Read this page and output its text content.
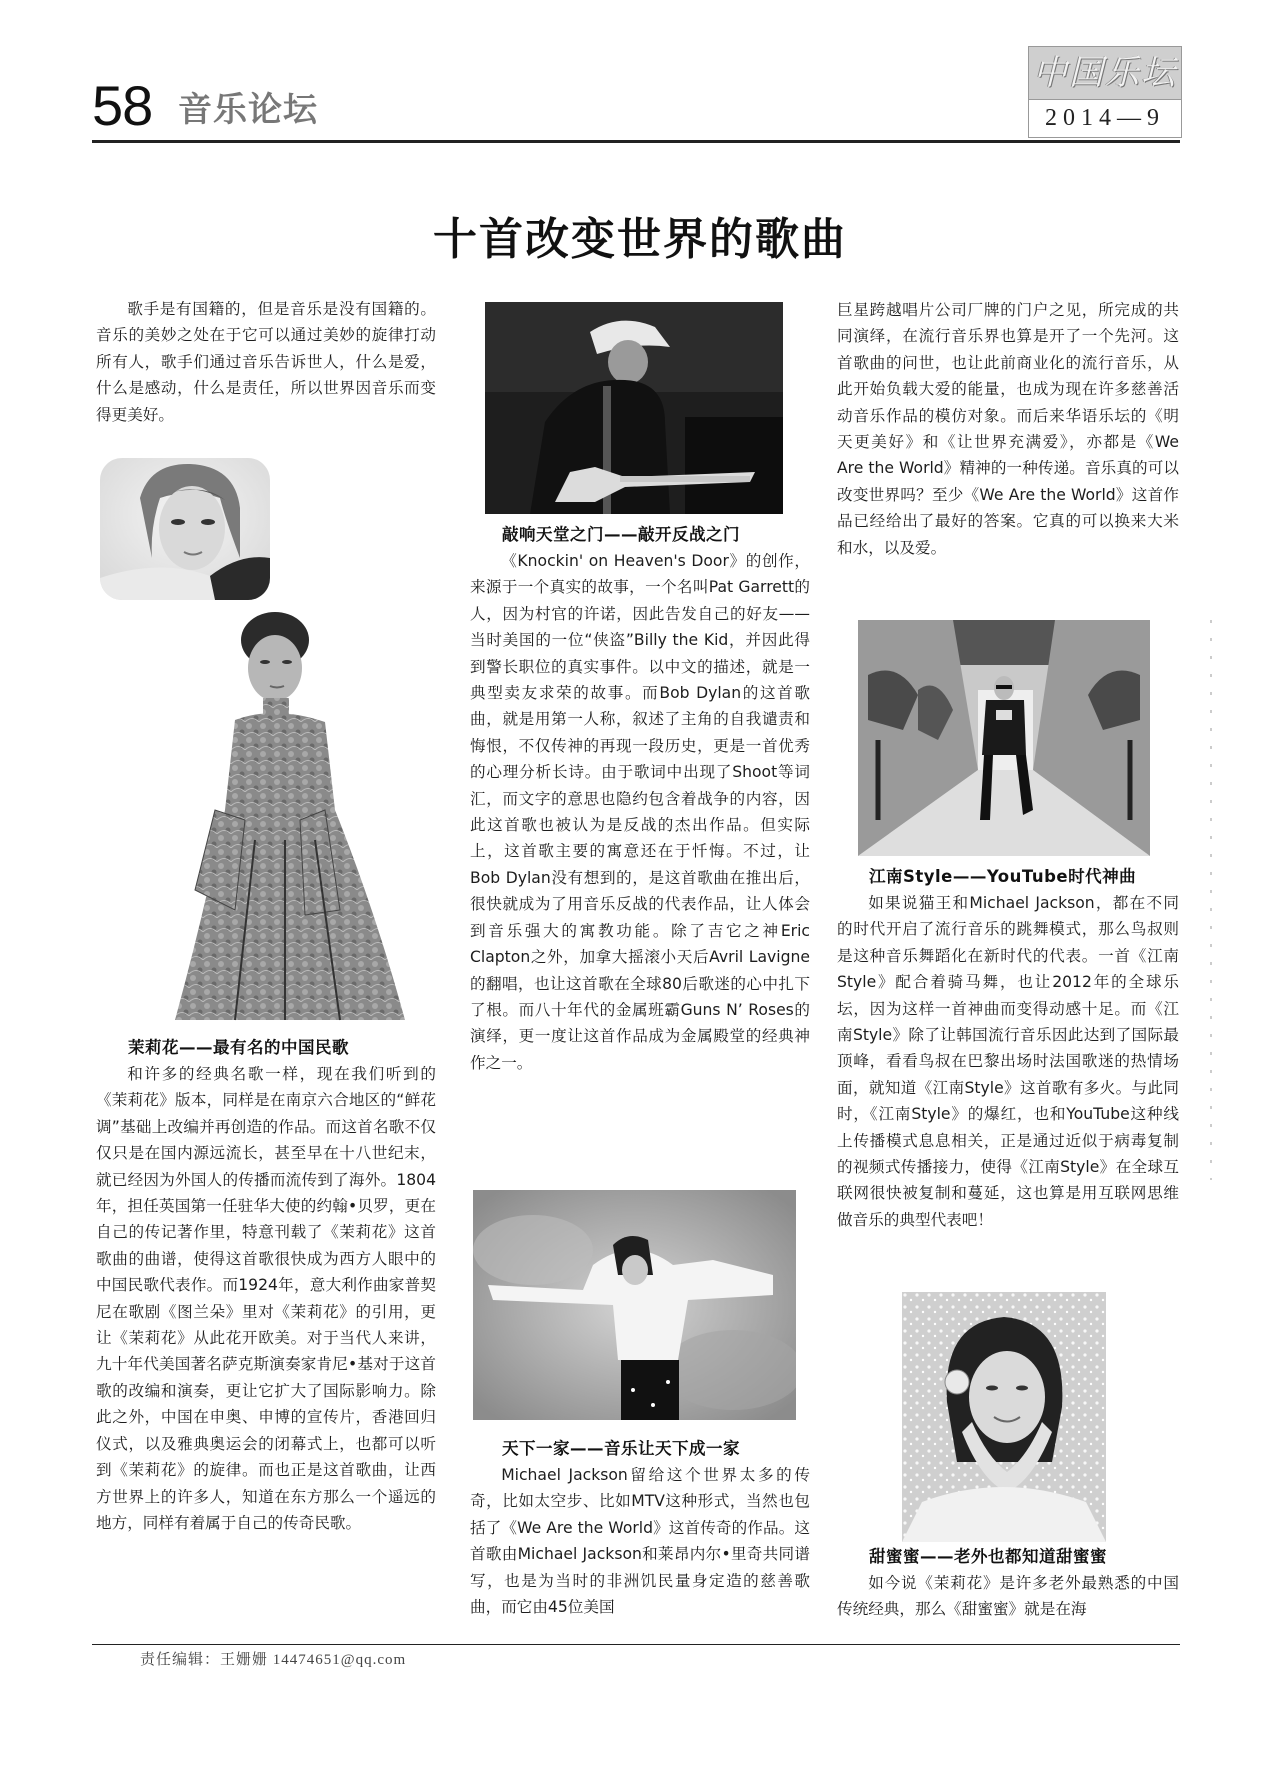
58 音乐论坛
中国乐坛
2014—9
十首改变世界的歌曲

歌手是有国籍的，但是音乐是没有国籍的。音乐的美妙之处在于它可以通过美妙的旋律打动所有人，歌手们通过音乐告诉世人，什么是爱，什么是感动，什么是责任，所以世界因音乐而变得更美好。

茉莉花——最有名的中国民歌

和许多的经典名歌一样，现在我们听到的《茉莉花》版本，同样是在南京六合地区的“鲜花调”基础上改编并再创造的作品。而这首名歌不仅仅只是在国内源远流长，甚至早在十八世纪末，就已经因为外国人的传播而流传到了海外。1804年，担任英国第一任驻华大使的约翰•贝罗，更在自己的传记著作里，特意刊载了《茉莉花》这首歌曲的曲谱，使得这首歌很快成为西方人眼中的中国民歌代表作。而1924年，意大利作曲家普契尼在歌剧《图兰朵》里对《茉莉花》的引用，更让《茉莉花》从此花开欧美。对于当代人来讲，九十年代美国著名萨克斯演奏家肯尼•基对于这首歌的改编和演奏，更让它扩大了国际影响力。除此之外，中国在申奥、申博的宣传片，香港回归仪式，以及雅典奥运会的闭幕式上，也都可以听到《茉莉花》的旋律。而也正是这首歌曲，让西方世界上的许多人，知道在东方那么一个遥远的地方，同样有着属于自己的传奇民歌。

敲响天堂之门——敲开反战之门

《Knockin' on Heaven's Door》的创作，来源于一个真实的故事，一个名叫Pat Garrett的人，因为村官的许诺，因此告发自己的好友——当时美国的一位“侠盗”Billy the Kid，并因此得到警长职位的真实事件。以中文的描述，就是一典型卖友求荣的故事。而Bob Dylan的这首歌曲，就是用第一人称，叙述了主角的自我谴责和悔恨，不仅传神的再现一段历史，更是一首优秀的心理分析长诗。由于歌词中出现了Shoot等词汇，而文字的意思也隐约包含着战争的内容，因此这首歌也被认为是反战的杰出作品。但实际上，这首歌主要的寓意还在于忏悔。不过，让Bob Dylan没有想到的，是这首歌曲在推出后，很快就成为了用音乐反战的代表作品，让人体会到音乐强大的寓教功能。除了吉它之神Eric Clapton之外，加拿大摇滚小天后Avril Lavigne的翻唱，也让这首歌在全球80后歌迷的心中扎下了根。而八十年代的金属班霸Guns N’ Roses的演绎，更一度让这首作品成为金属殿堂的经典神作之一。

天下一家——音乐让天下成一家

Michael Jackson留给这个世界太多的传奇，比如太空步、比如MTV这种形式，当然也包括了《We Are the World》这首传奇的作品。这首歌由Michael Jackson和莱昂内尔•里奇共同谱写，也是为当时的非洲饥民量身定造的慈善歌曲，而它由45位美国

巨星跨越唱片公司厂牌的门户之见，所完成的共同演绎，在流行音乐界也算是开了一个先河。这首歌曲的问世，也让此前商业化的流行音乐，从此开始负载大爱的能量，也成为现在许多慈善活动音乐作品的模仿对象。而后来华语乐坛的《明天更美好》和《让世界充满爱》，亦都是《We Are the World》精神的一种传递。音乐真的可以改变世界吗？至少《We Are the World》这首作品已经给出了最好的答案。它真的可以换来大米和水，以及爱。

江南Style——YouTube时代神曲

如果说猫王和Michael Jackson，都在不同的时代开启了流行音乐的跳舞模式，那么鸟叔则是这种音乐舞蹈化在新时代的代表。一首《江南Style》配合着骑马舞，也让2012年的全球乐坛，因为这样一首神曲而变得动感十足。而《江南Style》除了让韩国流行音乐因此达到了国际最顶峰，看看鸟叔在巴黎出场时法国歌迷的热情场面，就知道《江南Style》这首歌有多火。与此同时，《江南Style》的爆红，也和YouTube这种线上传播模式息息相关，正是通过近似于病毒复制的视频式传播接力，使得《江南Style》在全球互联网很快被复制和蔓延，这也算是用互联网思维做音乐的典型代表吧！

甜蜜蜜——老外也都知道甜蜜蜜

如今说《茉莉花》是许多老外最熟悉的中国传统经典，那么《甜蜜蜜》就是在海

责任编辑：王姗姗 14474651@qq.com
